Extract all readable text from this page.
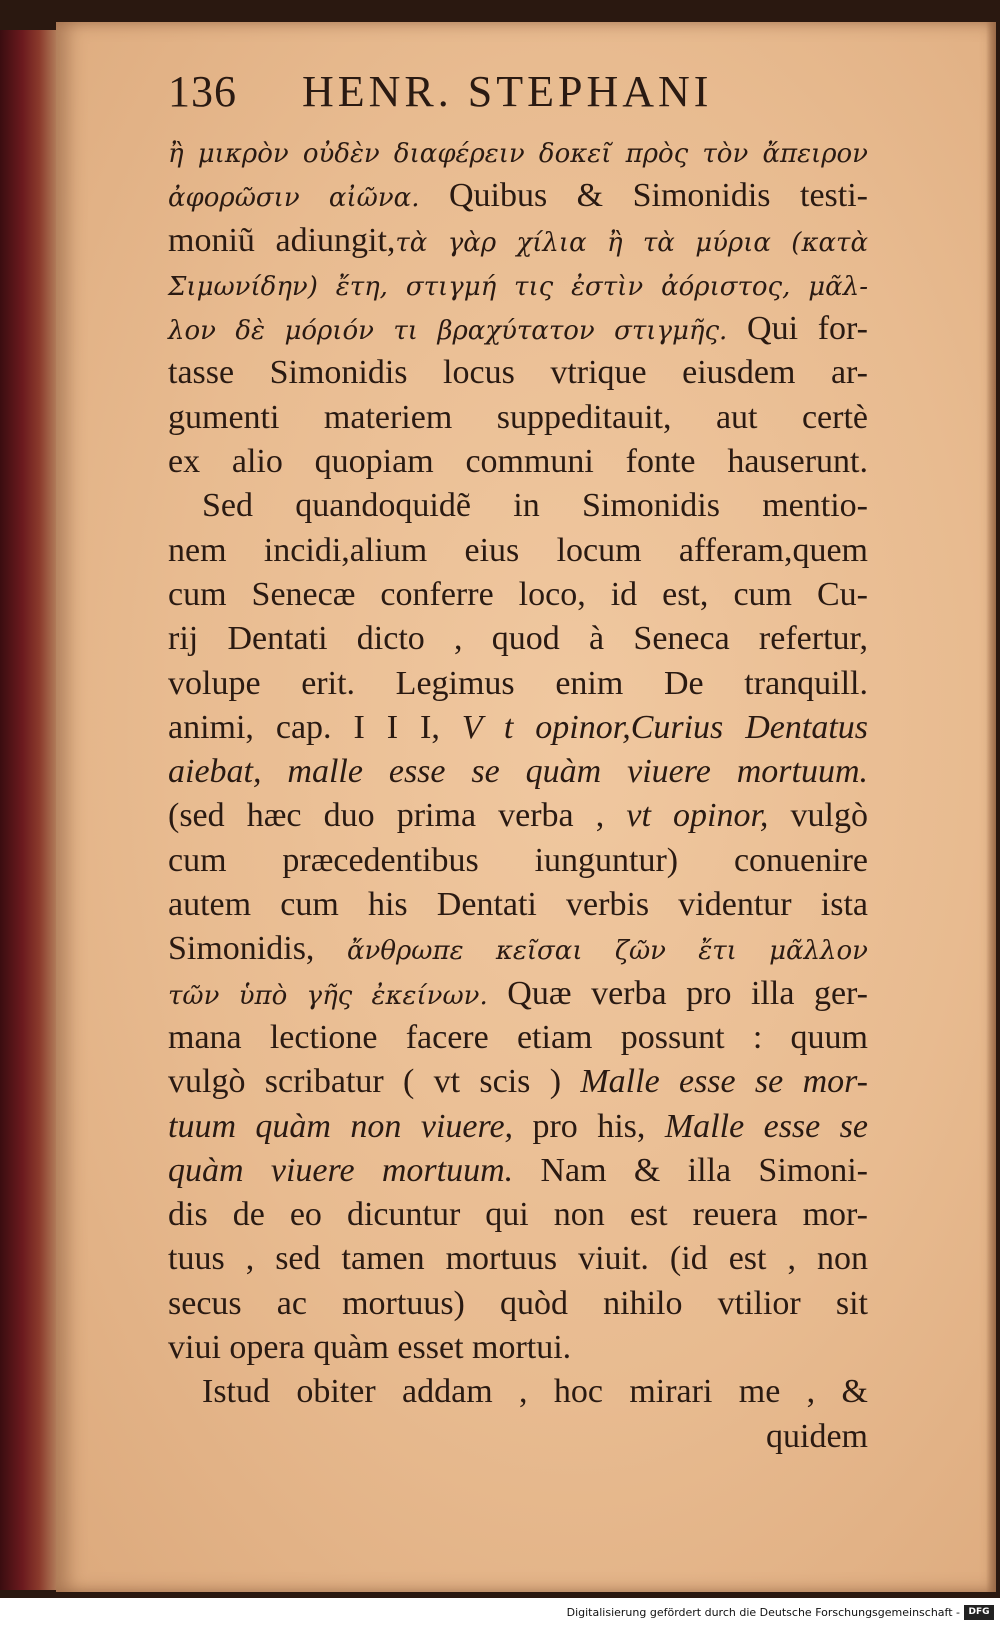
136 HENR. STEPHANI
ἢ μικρὸν οὐδὲν διαφέρειν δοκεῖ πρὸς τὸν ἄπειρον
ἀφορῶσιν αἰῶνα. Quibus & Simonidis testi-
moniũ adiungit,τὰ γὰρ χίλια ἢ τὰ μύρια (κατὰ
Σιμωνίδην) ἔτη, στιγμή τις ἐστὶν ἀόριστος, μᾶλ-
λον δὲ μόριόν τι βραχύτατον στιγμῆς. Qui for-
tasse Simonidis locus vtrique eiusdem ar-
gumenti materiem suppeditauit, aut certè
ex alio quopiam communi fonte hauserunt.
Sed quandoquidẽ in Simonidis mentio-
nem incidi,alium eius locum afferam,quem
cum Senecæ conferre loco, id est, cum Cu-
rij Dentati dicto , quod à Seneca refertur,
volupe erit. Legimus enim De tranquill.
animi, cap. I I I, V t opinor,Curius Dentatus
aiebat, malle esse se quàm viuere mortuum.
(sed hæc duo prima verba , vt opinor, vulgò
cum præcedentibus iunguntur) conuenire
autem cum his Dentati verbis videntur ista
Simonidis, ἄνθρωπε κεῖσαι ζῶν ἔτι μᾶλλον
τῶν ὑπὸ γῆς ἐκείνων. Quæ verba pro illa ger-
mana lectione facere etiam possunt : quum
vulgò scribatur ( vt scis ) Malle esse se mor-
tuum quàm non viuere, pro his, Malle esse se
quàm viuere mortuum. Nam & illa Simoni-
dis de eo dicuntur qui non est reuera mor-
tuus , sed tamen mortuus viuit. (id est , non
secus ac mortuus) quòd nihilo vtilior sit
viui opera quàm esset mortui.
Istud obiter addam , hoc mirari me , &
quidem
Digitalisierung gefördert durch die Deutsche Forschungsgemeinschaft - DFG
